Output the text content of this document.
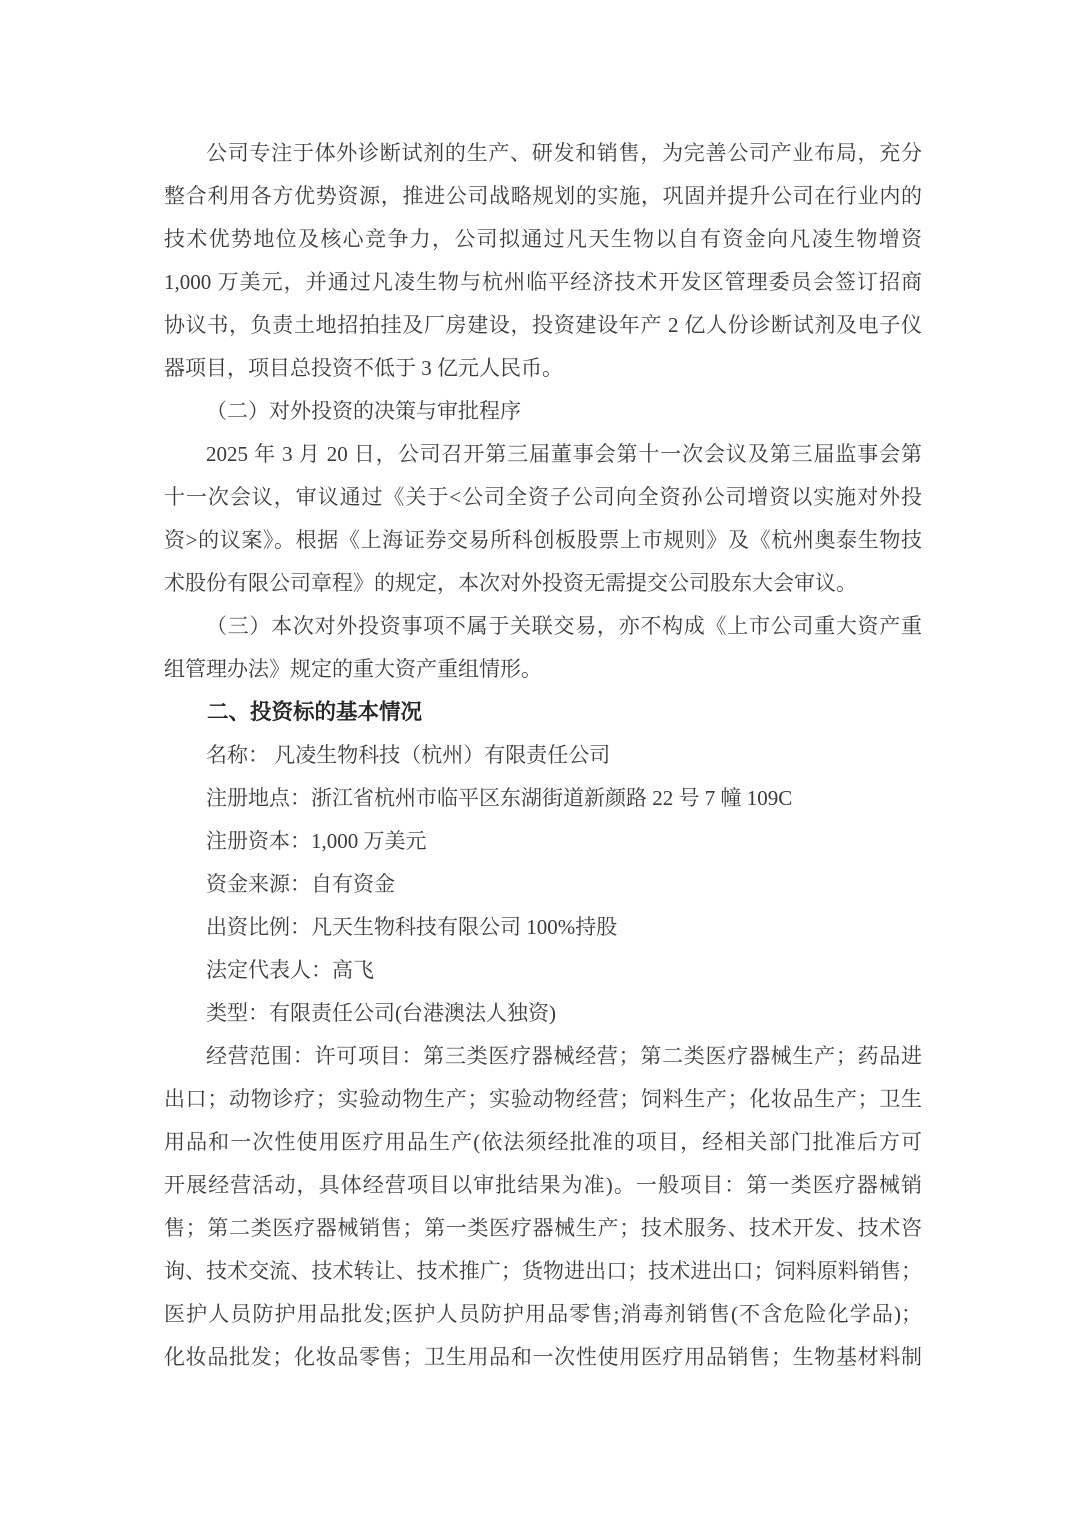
公司专注于体外诊断试剂的生产、研发和销售，为完善公司产业布局，充分
整合利用各方优势资源，推进公司战略规划的实施，巩固并提升公司在行业内的
技术优势地位及核心竞争力，公司拟通过凡天生物以自有资金向凡凌生物增资
1,000 万美元，并通过凡凌生物与杭州临平经济技术开发区管理委员会签订招商
协议书，负责土地招拍挂及厂房建设，投资建设年产 2 亿人份诊断试剂及电子仪
器项目，项目总投资不低于 3 亿元人民币。
（二）对外投资的决策与审批程序
2025 年 3 月 20 日，公司召开第三届董事会第十一次会议及第三届监事会第
十一次会议，审议通过《关于<公司全资子公司向全资孙公司增资以实施对外投
资>的议案》。根据《上海证券交易所科创板股票上市规则》及《杭州奥泰生物技
术股份有限公司章程》的规定，本次对外投资无需提交公司股东大会审议。
（三）本次对外投资事项不属于关联交易，亦不构成《上市公司重大资产重
组管理办法》规定的重大资产重组情形。
二、投资标的基本情况
名称： 凡凌生物科技（杭州）有限责任公司
注册地点：浙江省杭州市临平区东湖街道新颜路 22 号 7 幢 109C
注册资本：1,000 万美元
资金来源：自有资金
出资比例：凡天生物科技有限公司 100%持股
法定代表人：高飞
类型：有限责任公司(台港澳法人独资)
经营范围：许可项目：第三类医疗器械经营；第二类医疗器械生产；药品进
出口；动物诊疗；实验动物生产；实验动物经营；饲料生产；化妆品生产；卫生
用品和一次性使用医疗用品生产(依法须经批准的项目，经相关部门批准后方可
开展经营活动，具体经营项目以审批结果为准)。一般项目：第一类医疗器械销
售；第二类医疗器械销售；第一类医疗器械生产；技术服务、技术开发、技术咨
询、技术交流、技术转让、技术推广；货物进出口；技术进出口；饲料原料销售；
医护人员防护用品批发;医护人员防护用品零售;消毒剂销售(不含危险化学品)；
化妆品批发；化妆品零售；卫生用品和一次性使用医疗用品销售；生物基材料制
